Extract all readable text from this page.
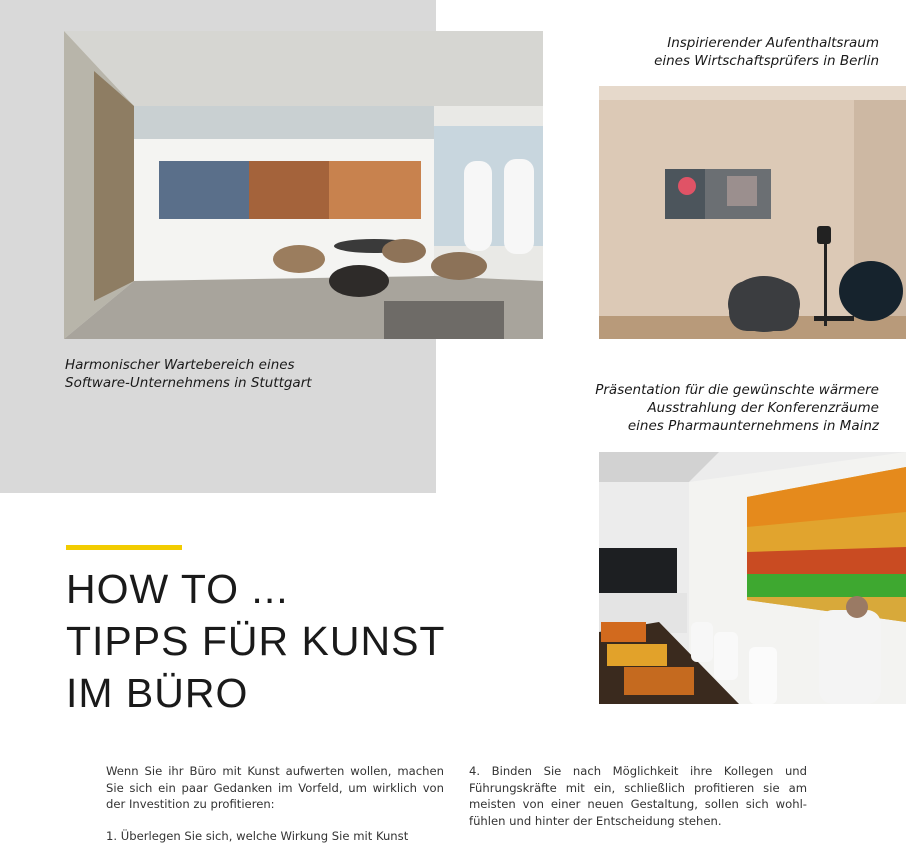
Harmonischer Wartebereich eines
Software-Unternehmens in Stuttgart
Inspirierender Aufenthaltsraum
eines Wirtschaftsprüfers in Berlin
Präsentation für die gewünschte wärmere
Ausstrahlung der Konferenzräume
eines Pharmaunternehmens in Mainz
HOW TO ...
TIPPS FÜR KUNST
IM BÜRO

Wenn Sie ihr Büro mit Kunst aufwerten wollen, machen Sie sich ein paar Gedanken im Vorfeld, um wirklich von der Investition zu profitieren:

1. Überlegen Sie sich, welche Wirkung Sie mit Kunst

4. Binden Sie nach Möglichkeit ihre Kollegen und Führungskräfte mit ein, schließlich profitieren sie am meisten von einer neuen Gestaltung, sollen sich wohl-fühlen und hinter der Entscheidung stehen.
